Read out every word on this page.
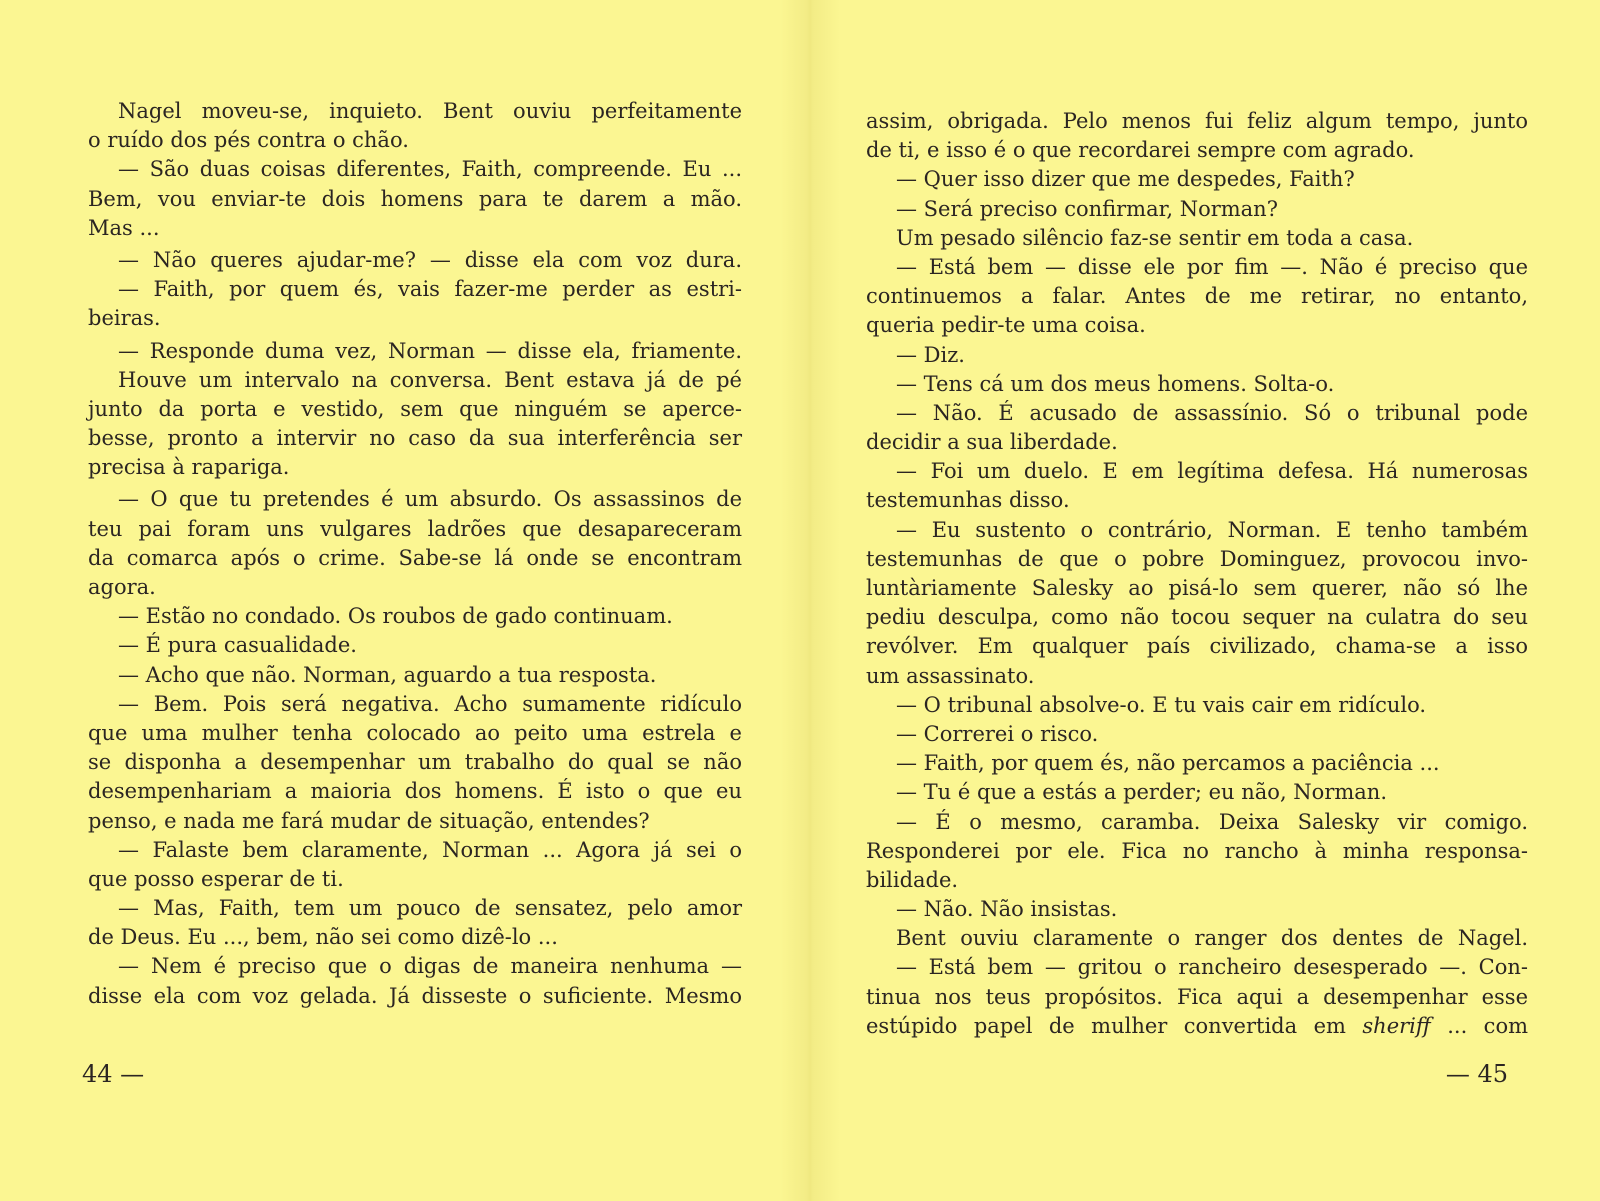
Nagel moveu-se, inquieto. Bent ouviu perfeitamente
o ruído dos pés contra o chão.
— São duas coisas diferentes, Faith, compreende. Eu ...
Bem, vou enviar-te dois homens para te darem a mão.
Mas ...
— Não queres ajudar-me? — disse ela com voz dura.
— Faith, por quem és, vais fazer-me perder as estri-
beiras.
— Responde duma vez, Norman — disse ela, friamente.
Houve um intervalo na conversa. Bent estava já de pé
junto da porta e vestido, sem que ninguém se aperce-
besse, pronto a intervir no caso da sua interferência ser
precisa à rapariga.
— O que tu pretendes é um absurdo. Os assassinos de
teu pai foram uns vulgares ladrões que desapareceram
da comarca após o crime. Sabe-se lá onde se encontram
agora.
— Estão no condado. Os roubos de gado continuam.
— É pura casualidade.
— Acho que não. Norman, aguardo a tua resposta.
— Bem. Pois será negativa. Acho sumamente ridículo
que uma mulher tenha colocado ao peito uma estrela e
se disponha a desempenhar um trabalho do qual se não
desempenhariam a maioria dos homens. É isto o que eu
penso, e nada me fará mudar de situação, entendes?
— Falaste bem claramente, Norman ... Agora já sei o
que posso esperar de ti.
— Mas, Faith, tem um pouco de sensatez, pelo amor
de Deus. Eu ..., bem, não sei como dizê-lo ...
— Nem é preciso que o digas de maneira nenhuma —
disse ela com voz gelada. Já disseste o suficiente. Mesmo
44 —
assim, obrigada. Pelo menos fui feliz algum tempo, junto
de ti, e isso é o que recordarei sempre com agrado.
— Quer isso dizer que me despedes, Faith?
— Será preciso confirmar, Norman?
Um pesado silêncio faz-se sentir em toda a casa.
— Está bem — disse ele por fim —. Não é preciso que
continuemos a falar. Antes de me retirar, no entanto,
queria pedir-te uma coisa.
— Diz.
— Tens cá um dos meus homens. Solta-o.
— Não. É acusado de assassínio. Só o tribunal pode
decidir a sua liberdade.
— Foi um duelo. E em legítima defesa. Há numerosas
testemunhas disso.
— Eu sustento o contrário, Norman. E tenho também
testemunhas de que o pobre Dominguez, provocou invo-
luntàriamente Salesky ao pisá-lo sem querer, não só lhe
pediu desculpa, como não tocou sequer na culatra do seu
revólver. Em qualquer país civilizado, chama-se a isso
um assassinato.
— O tribunal absolve-o. E tu vais cair em ridículo.
— Correrei o risco.
— Faith, por quem és, não percamos a paciência ...
— Tu é que a estás a perder; eu não, Norman.
— É o mesmo, caramba. Deixa Salesky vir comigo.
Responderei por ele. Fica no rancho à minha responsa-
bilidade.
— Não. Não insistas.
Bent ouviu claramente o ranger dos dentes de Nagel.
— Está bem — gritou o rancheiro desesperado —. Con-
tinua nos teus propósitos. Fica aqui a desempenhar esse
estúpido papel de mulher convertida em sheriff ... com
— 45
